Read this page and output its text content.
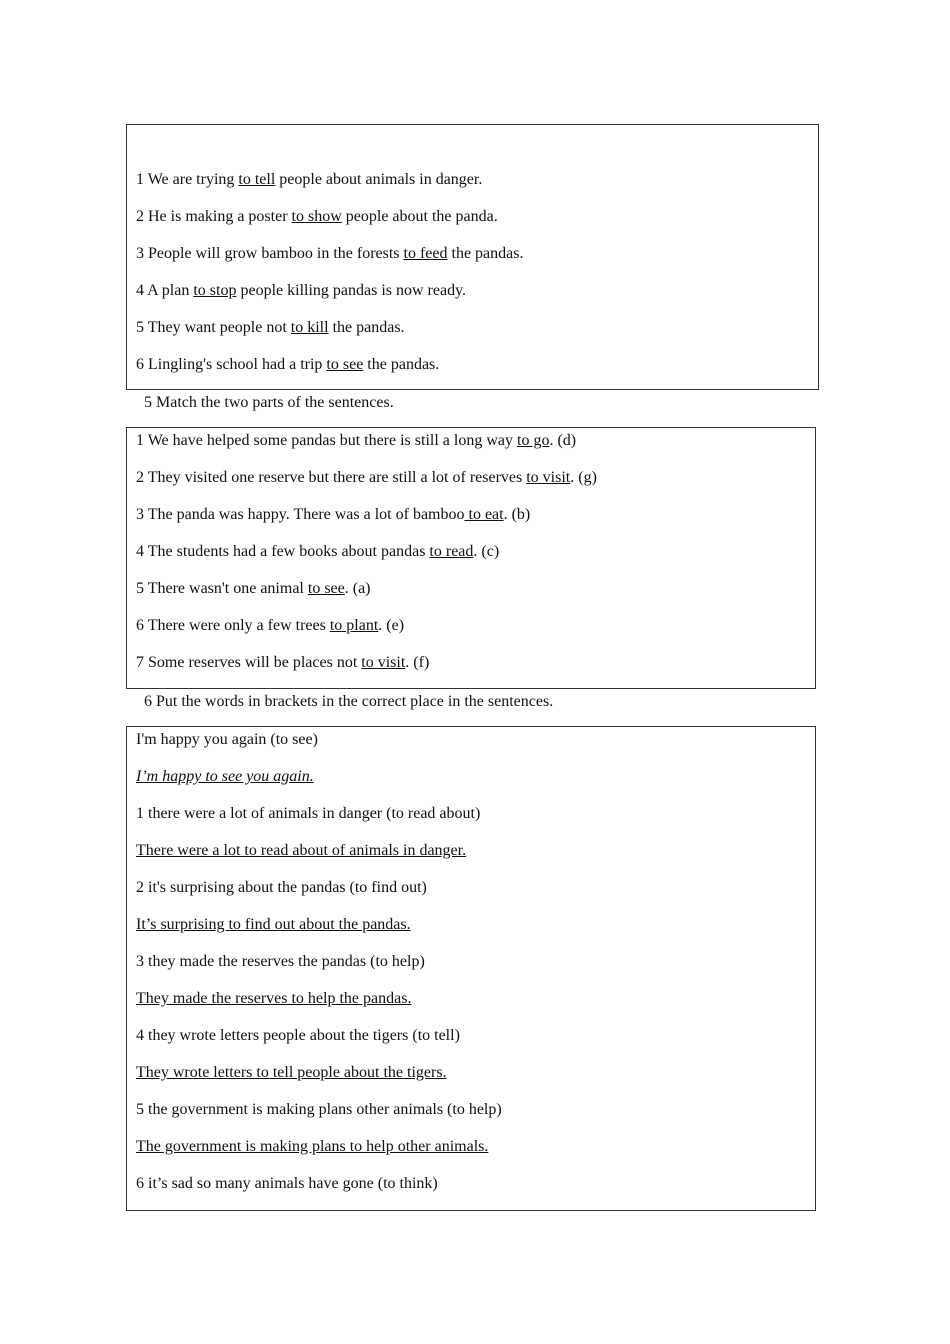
1 We are trying to tell people about animals in danger.
2 He is making a poster to show people about the panda.
3 People will grow bamboo in the forests to feed the pandas.
4 A plan to stop people killing pandas is now ready.
5 They want people not to kill the pandas.
6 Lingling's school had a trip to see the pandas.
5 Match the two parts of the sentences.
1 We have helped some pandas but there is still a long way to go. (d)
2 They visited one reserve but there are still a lot of reserves to visit. (g)
3 The panda was happy. There was a lot of bamboo to eat. (b)
4 The students had a few books about pandas to read. (c)
5 There wasn't one animal to see. (a)
6 There were only a few trees to plant. (e)
7 Some reserves will be places not to visit. (f)
6 Put the words in brackets in the correct place in the sentences.
I'm happy you again (to see)
I’m happy to see you again.
1 there were a lot of animals in danger (to read about)
There were a lot to read about of animals in danger.
2 it's surprising about the pandas (to find out)
It’s surprising to find out about the pandas.
3 they made the reserves the pandas (to help)
They made the reserves to help the pandas.
4 they wrote letters people about the tigers (to tell)
They wrote letters to tell people about the tigers.
5 the government is making plans other animals (to help)
The government is making plans to help other animals.
6 it’s sad so many animals have gone (to think)
